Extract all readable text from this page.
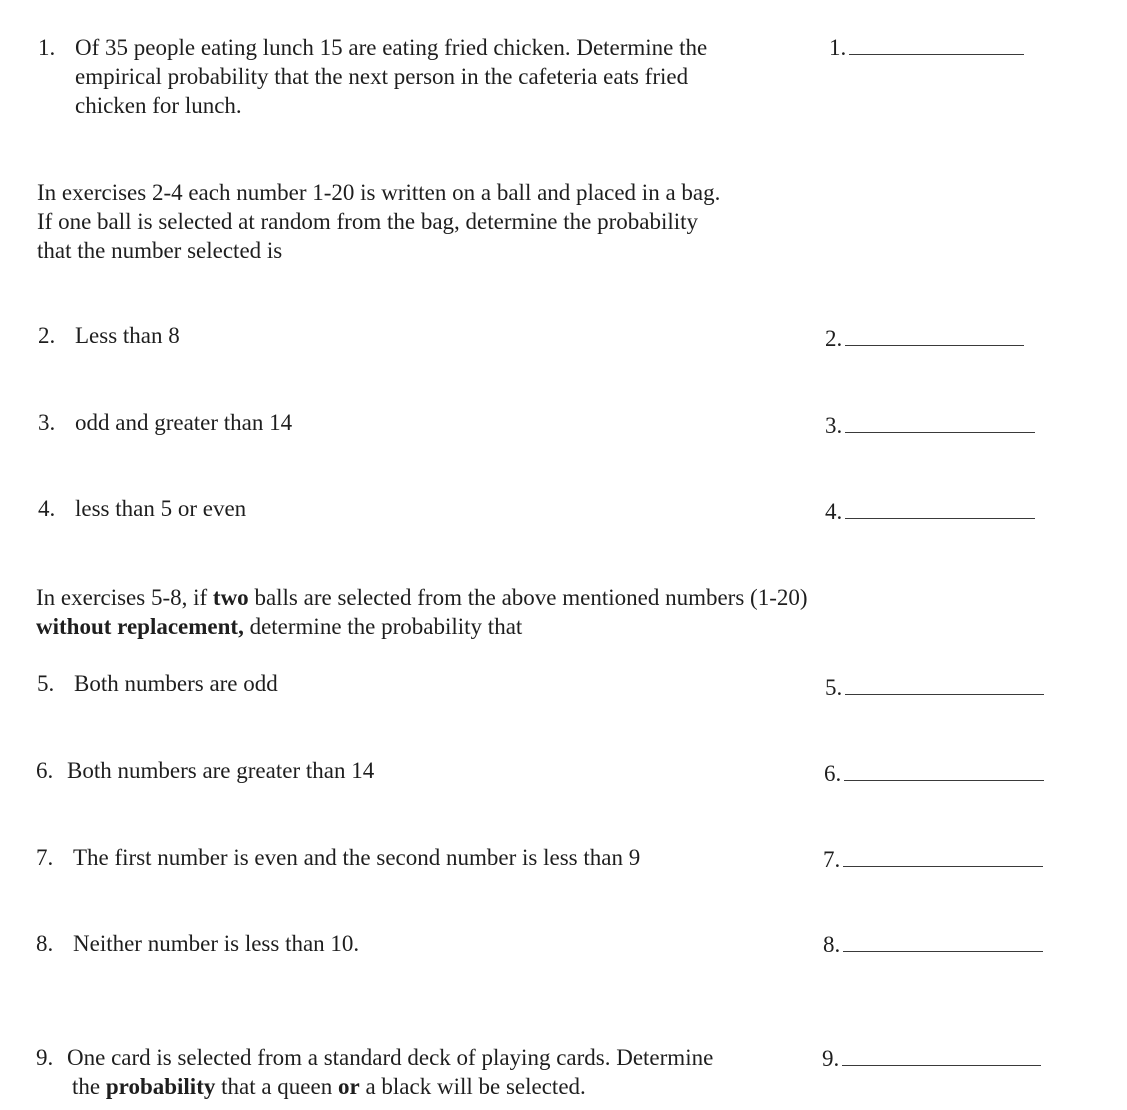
1. Of 35 people eating lunch 15 are eating fried chicken. Determine the
empirical probability that the next person in the cafeteria eats fried
chicken for lunch.
1.
In exercises 2-4 each number 1-20 is written on a ball and placed in a bag.
If one ball is selected at random from the bag, determine the probability
that the number selected is
2. Less than 8	2.
3. odd and greater than 14	3.
4. less than 5 or even	4.
In exercises 5-8, if two balls are selected from the above mentioned numbers (1-20)
without replacement, determine the probability that
5. Both numbers are odd	5.
6. Both numbers are greater than 14	6.
7. The first number is even and the second number is less than 9	7.
8. Neither number is less than 10.	8.
9. One card is selected from a standard deck of playing cards. Determine
the probability that a queen or a black will be selected.
9.
